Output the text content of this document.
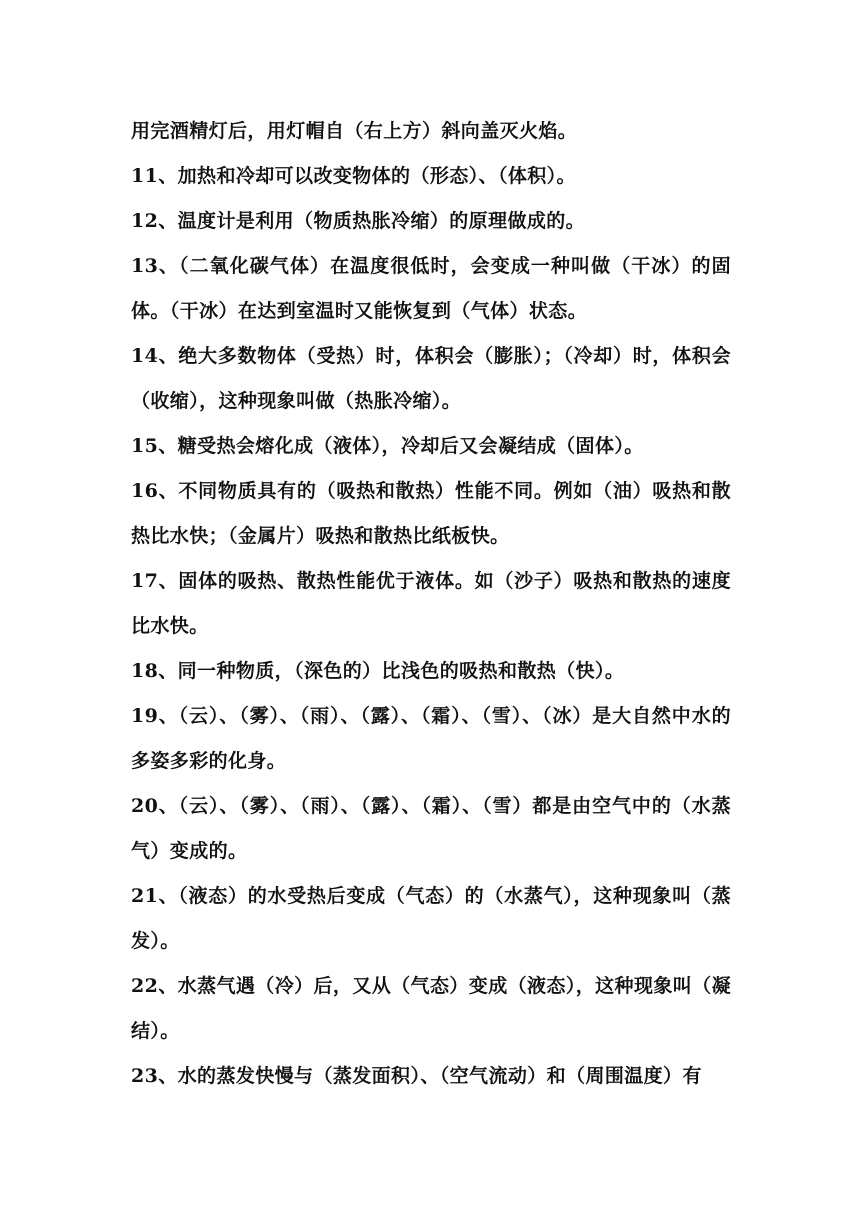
用完酒精灯后，用灯帽自（右上方）斜向盖灭火焰。

11、加热和冷却可以改变物体的（形态）、（体积）。

12、温度计是利用（物质热胀冷缩）的原理做成的。

13、（二氧化碳气体）在温度很低时，会变成一种叫做（干冰）的固体。（干冰）在达到室温时又能恢复到（气体）状态。

14、绝大多数物体（受热）时，体积会（膨胀）；（冷却）时，体积会（收缩），这种现象叫做（热胀冷缩）。

15、糖受热会熔化成（液体），冷却后又会凝结成（固体）。

16、不同物质具有的（吸热和散热）性能不同。例如（油）吸热和散热比水快；（金属片）吸热和散热比纸板快。

17、固体的吸热、散热性能优于液体。如（沙子）吸热和散热的速度比水快。

18、同一种物质，（深色的）比浅色的吸热和散热（快）。

19、（云）、（雾）、（雨）、（露）、（霜）、（雪）、（冰）是大自然中水的多姿多彩的化身。

20、（云）、（雾）、（雨）、（露）、（霜）、（雪）都是由空气中的（水蒸气）变成的。

21、（液态）的水受热后变成（气态）的（水蒸气），这种现象叫（蒸发）。

22、水蒸气遇（冷）后，又从（气态）变成（液态），这种现象叫（凝结）。

23、水的蒸发快慢与（蒸发面积）、（空气流动）和（周围温度）有
